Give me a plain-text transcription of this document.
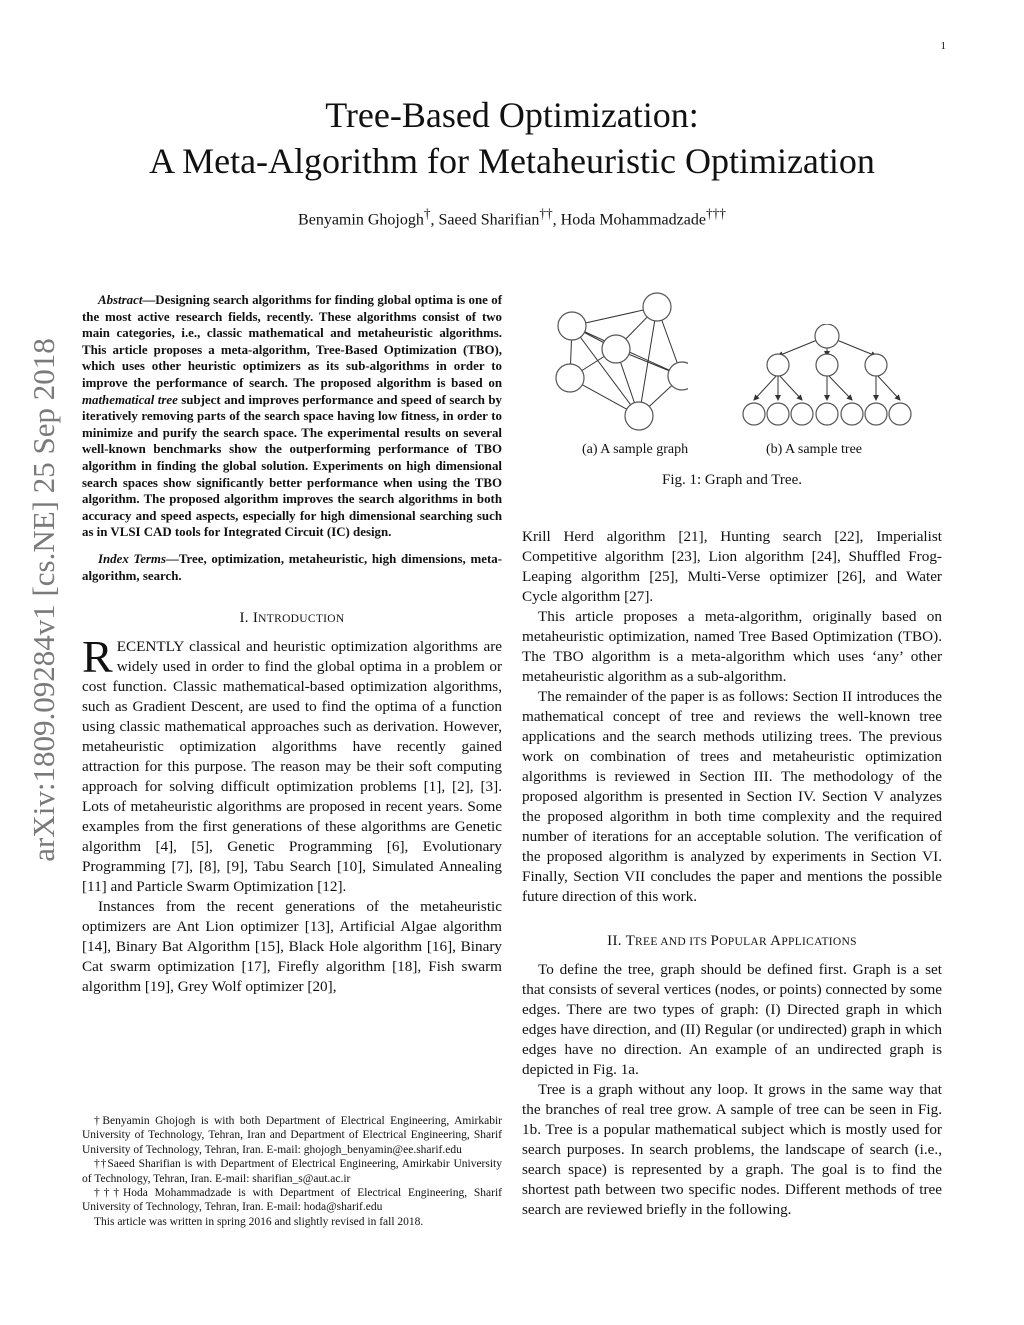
1
arXiv:1809.09284v1 [cs.NE] 25 Sep 2018
Tree-Based Optimization:
A Meta-Algorithm for Metaheuristic Optimization
Benyamin Ghojogh†, Saeed Sharifian††, Hoda Mohammadzade†††

Abstract—Designing search algorithms for finding global optima is one of the most active research fields, recently. These algorithms consist of two main categories, i.e., classic mathematical and metaheuristic algorithms. This article proposes a meta-algorithm, Tree-Based Optimization (TBO), which uses other heuristic optimizers as its sub-algorithms in order to improve the performance of search. The proposed algorithm is based on mathematical tree subject and improves performance and speed of search by iteratively removing parts of the search space having low fitness, in order to minimize and purify the search space. The experimental results on several well-known benchmarks show the outperforming performance of TBO algorithm in finding the global solution. Experiments on high dimensional search spaces show significantly better performance when using the TBO algorithm. The proposed algorithm improves the search algorithms in both accuracy and speed aspects, especially for high dimensional searching such as in VLSI CAD tools for Integrated Circuit (IC) design.

Index Terms—Tree, optimization, metaheuristic, high dimensions, meta-algorithm, search.

I. INTRODUCTION

RECENTLY classical and heuristic optimization algorithms are widely used in order to find the global optima in a problem or cost function. Classic mathematical-based optimization algorithms, such as Gradient Descent, are used to find the optima of a function using classic mathematical approaches such as derivation. However, metaheuristic optimization algorithms have recently gained attraction for this purpose. The reason may be their soft computing approach for solving difficult optimization problems [1], [2], [3]. Lots of metaheuristic algorithms are proposed in recent years. Some examples from the first generations of these algorithms are Genetic algorithm [4], [5], Genetic Programming [6], Evolutionary Programming [7], [8], [9], Tabu Search [10], Simulated Annealing [11] and Particle Swarm Optimization [12].

Instances from the recent generations of the metaheuristic optimizers are Ant Lion optimizer [13], Artificial Algae algorithm [14], Binary Bat Algorithm [15], Black Hole algorithm [16], Binary Cat swarm optimization [17], Firefly algorithm [18], Fish swarm algorithm [19], Grey Wolf optimizer [20],

†Benyamin Ghojogh is with both Department of Electrical Engineering, Amirkabir University of Technology, Tehran, Iran and Department of Electrical Engineering, Sharif University of Technology, Tehran, Iran. E-mail: ghojogh_benyamin@ee.sharif.edu

††Saeed Sharifian is with Department of Electrical Engineering, Amirkabir University of Technology, Tehran, Iran. E-mail: sharifian_s@aut.ac.ir

†††Hoda Mohammadzade is with Department of Electrical Engineering, Sharif University of Technology, Tehran, Iran. E-mail: hoda@sharif.edu

This article was written in spring 2016 and slightly revised in fall 2018.

(a) A sample graph	(b) A sample tree
Fig. 1: Graph and Tree.

Krill Herd algorithm [21], Hunting search [22], Imperialist Competitive algorithm [23], Lion algorithm [24], Shuffled Frog-Leaping algorithm [25], Multi-Verse optimizer [26], and Water Cycle algorithm [27].

This article proposes a meta-algorithm, originally based on metaheuristic optimization, named Tree Based Optimization (TBO). The TBO algorithm is a meta-algorithm which uses ‘any’ other metaheuristic algorithm as a sub-algorithm.

The remainder of the paper is as follows: Section II introduces the mathematical concept of tree and reviews the well-known tree applications and the search methods utilizing trees. The previous work on combination of trees and metaheuristic optimization algorithms is reviewed in Section III. The methodology of the proposed algorithm is presented in Section IV. Section V analyzes the proposed algorithm in both time complexity and the required number of iterations for an acceptable solution. The verification of the proposed algorithm is analyzed by experiments in Section VI. Finally, Section VII concludes the paper and mentions the possible future direction of this work.

II. TREE AND ITS POPULAR APPLICATIONS

To define the tree, graph should be defined first. Graph is a set that consists of several vertices (nodes, or points) connected by some edges. There are two types of graph: (I) Directed graph in which edges have direction, and (II) Regular (or undirected) graph in which edges have no direction. An example of an undirected graph is depicted in Fig. 1a.

Tree is a graph without any loop. It grows in the same way that the branches of real tree grow. A sample of tree can be seen in Fig. 1b. Tree is a popular mathematical subject which is mostly used for search purposes. In search problems, the landscape of search (i.e., search space) is represented by a graph. The goal is to find the shortest path between two specific nodes. Different methods of tree search are reviewed briefly in the following.
